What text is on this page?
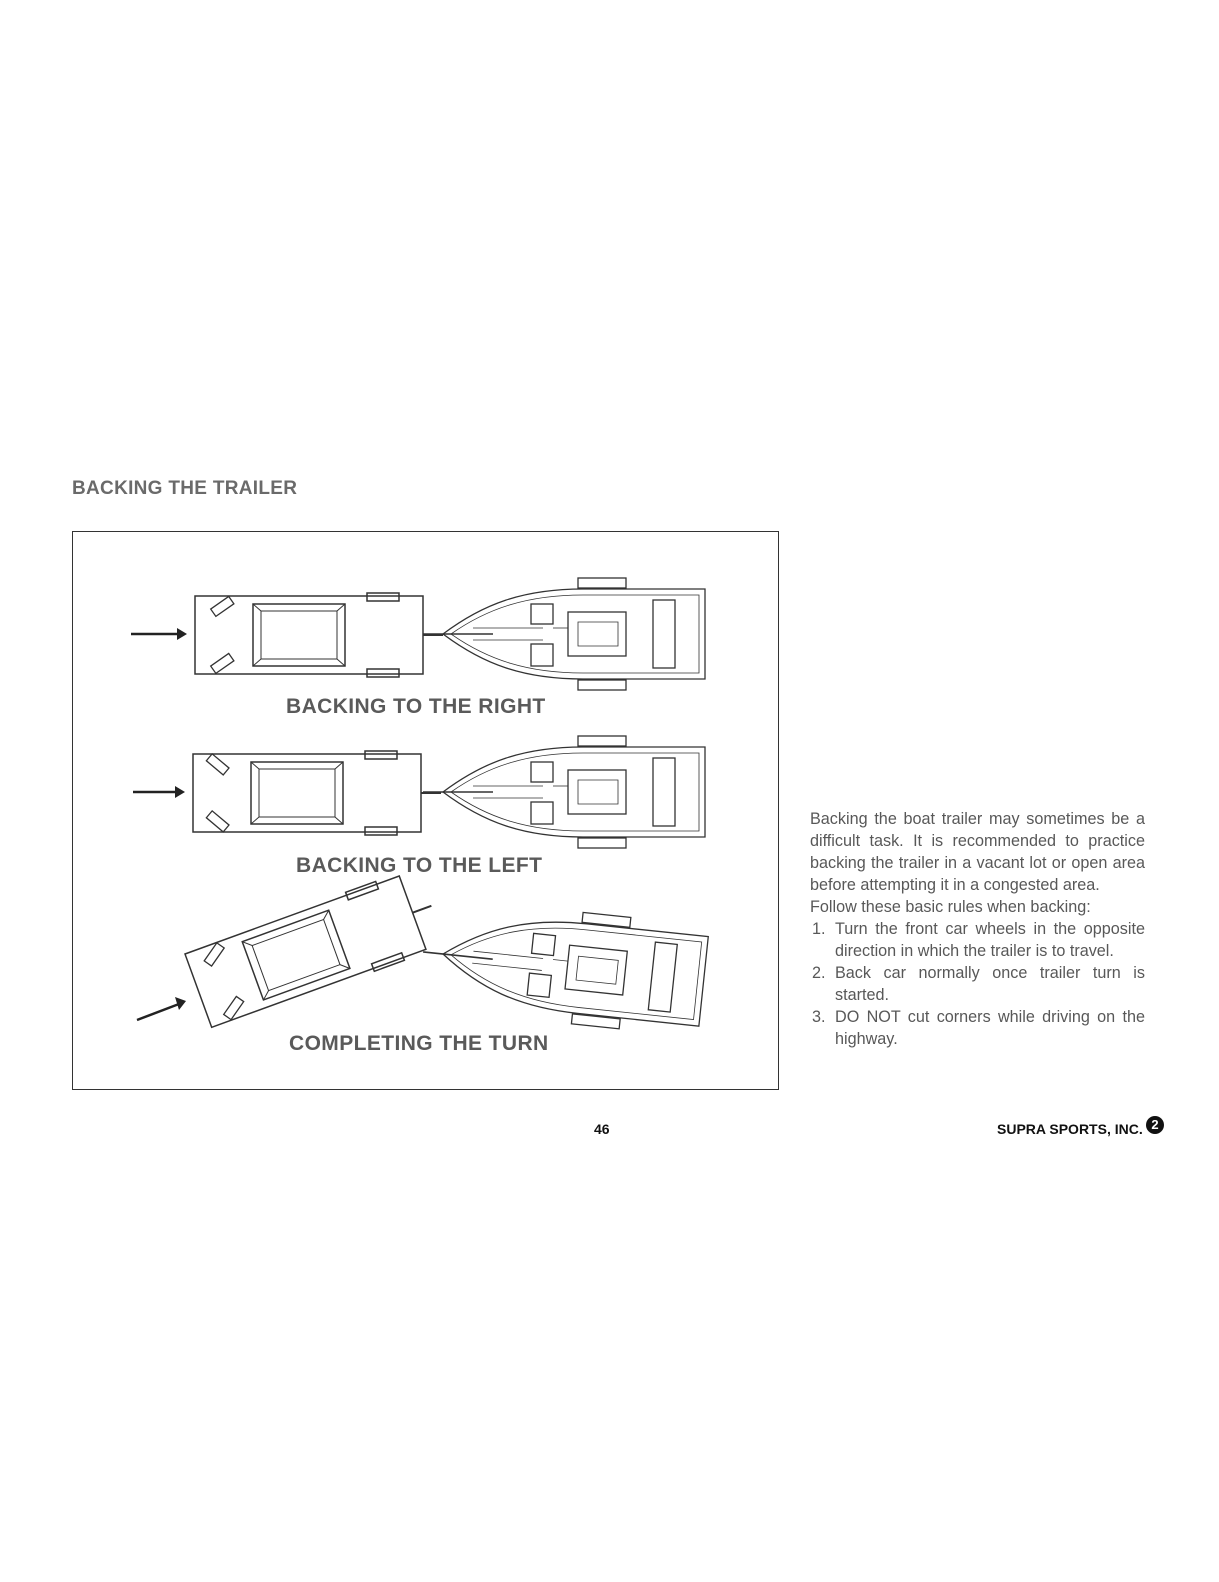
BACKING THE TRAILER
BACKING TO THE RIGHT
BACKING TO THE LEFT
COMPLETING THE TURN

Backing the boat trailer may sometimes be a difficult task. It is recommended to practice backing the trailer in a vacant lot or open area before attempting it in a congested area.

Follow these basic rules when backing:

1. Turn the front car wheels in the opposite direction in which the trailer is to travel.
2. Back car normally once trailer turn is started.
3. DO NOT cut corners while driving on the highway.
46	SUPRA SPORTS, INC. 2
